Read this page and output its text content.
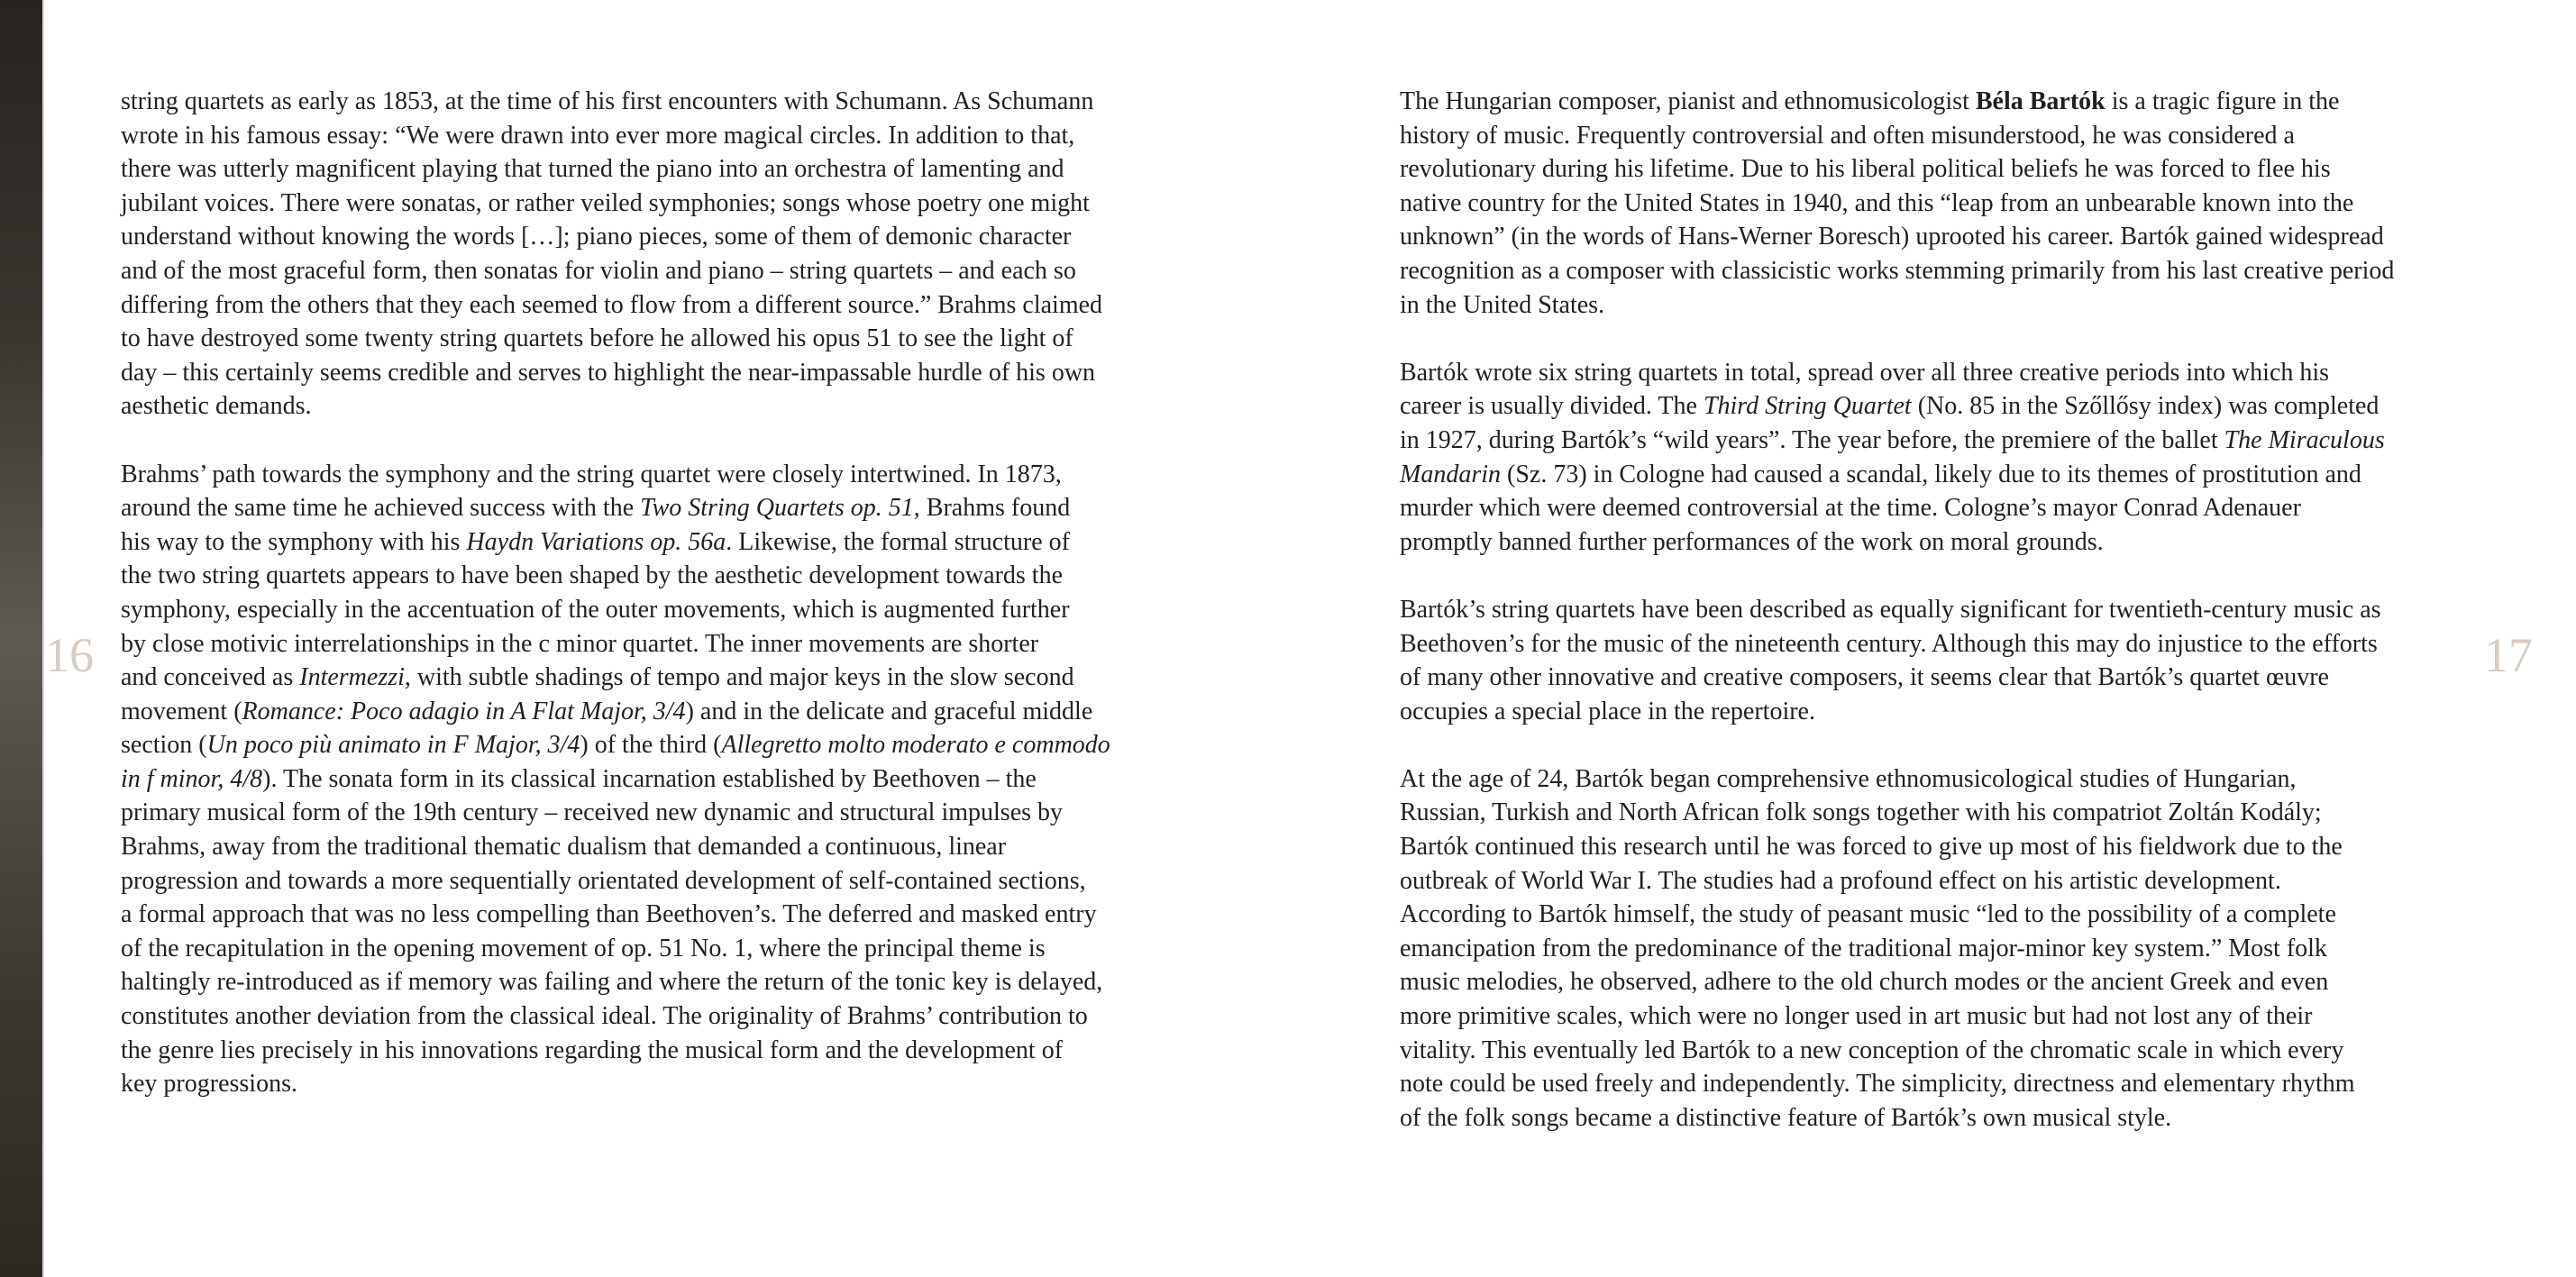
16	17
string quartets as early as 1853, at the time of his first encounters with Schumann. As Schumann
wrote in his famous essay: “We were drawn into ever more magical circles. In addition to that,
there was utterly magnificent playing that turned the piano into an orchestra of lamenting and
jubilant voices. There were sonatas, or rather veiled symphonies; songs whose poetry one might
understand without knowing the words […]; piano pieces, some of them of demonic character
and of the most graceful form, then sonatas for violin and piano – string quartets – and each so
differing from the others that they each seemed to flow from a different source.” Brahms claimed
to have destroyed some twenty string quartets before he allowed his opus 51 to see the light of
day – this certainly seems credible and serves to highlight the near-impassable hurdle of his own
aesthetic demands.
Brahms’ path towards the symphony and the string quartet were closely intertwined. In 1873,
around the same time he achieved success with the Two String Quartets op. 51, Brahms found
his way to the symphony with his Haydn Variations op. 56a. Likewise, the formal structure of
the two string quartets appears to have been shaped by the aesthetic development towards the
symphony, especially in the accentuation of the outer movements, which is augmented further
by close motivic interrelationships in the c minor quartet. The inner movements are shorter
and conceived as Intermezzi, with subtle shadings of tempo and major keys in the slow second
movement (Romance: Poco adagio in A Flat Major, 3/4) and in the delicate and graceful middle
section (Un poco più animato in F Major, 3/4) of the third (Allegretto molto moderato e commodo
in f minor, 4/8). The sonata form in its classical incarnation established by Beethoven – the
primary musical form of the 19th century – received new dynamic and structural impulses by
Brahms, away from the traditional thematic dualism that demanded a continuous, linear
progression and towards a more sequentially orientated development of self-contained sections,
a formal approach that was no less compelling than Beethoven’s. The deferred and masked entry
of the recapitulation in the opening movement of op. 51 No. 1, where the principal theme is
haltingly re-introduced as if memory was failing and where the return of the tonic key is delayed,
constitutes another deviation from the classical ideal. The originality of Brahms’ contribution to
the genre lies precisely in his innovations regarding the musical form and the development of
key progressions.
The Hungarian composer, pianist and ethnomusicologist Béla Bartók is a tragic figure in the
history of music. Frequently controversial and often misunderstood, he was considered a
revolutionary during his lifetime. Due to his liberal political beliefs he was forced to flee his
native country for the United States in 1940, and this “leap from an unbearable known into the
unknown” (in the words of Hans-Werner Boresch) uprooted his career. Bartók gained widespread
recognition as a composer with classicistic works stemming primarily from his last creative period
in the United States.
Bartók wrote six string quartets in total, spread over all three creative periods into which his
career is usually divided. The Third String Quartet (No. 85 in the Szőllősy index) was completed
in 1927, during Bartók’s “wild years”. The year before, the premiere of the ballet The Miraculous
Mandarin (Sz. 73) in Cologne had caused a scandal, likely due to its themes of prostitution and
murder which were deemed controversial at the time. Cologne’s mayor Conrad Adenauer
promptly banned further performances of the work on moral grounds.
Bartók’s string quartets have been described as equally significant for twentieth-century music as
Beethoven’s for the music of the nineteenth century. Although this may do injustice to the efforts
of many other innovative and creative composers, it seems clear that Bartók’s quartet œuvre
occupies a special place in the repertoire.
At the age of 24, Bartók began comprehensive ethnomusicological studies of Hungarian,
Russian, Turkish and North African folk songs together with his compatriot Zoltán Kodály;
Bartók continued this research until he was forced to give up most of his fieldwork due to the
outbreak of World War I. The studies had a profound effect on his artistic development.
According to Bartók himself, the study of peasant music “led to the possibility of a complete
emancipation from the predominance of the traditional major-minor key system.” Most folk
music melodies, he observed, adhere to the old church modes or the ancient Greek and even
more primitive scales, which were no longer used in art music but had not lost any of their
vitality. This eventually led Bartók to a new conception of the chromatic scale in which every
note could be used freely and independently. The simplicity, directness and elementary rhythm
of the folk songs became a distinctive feature of Bartók’s own musical style.
